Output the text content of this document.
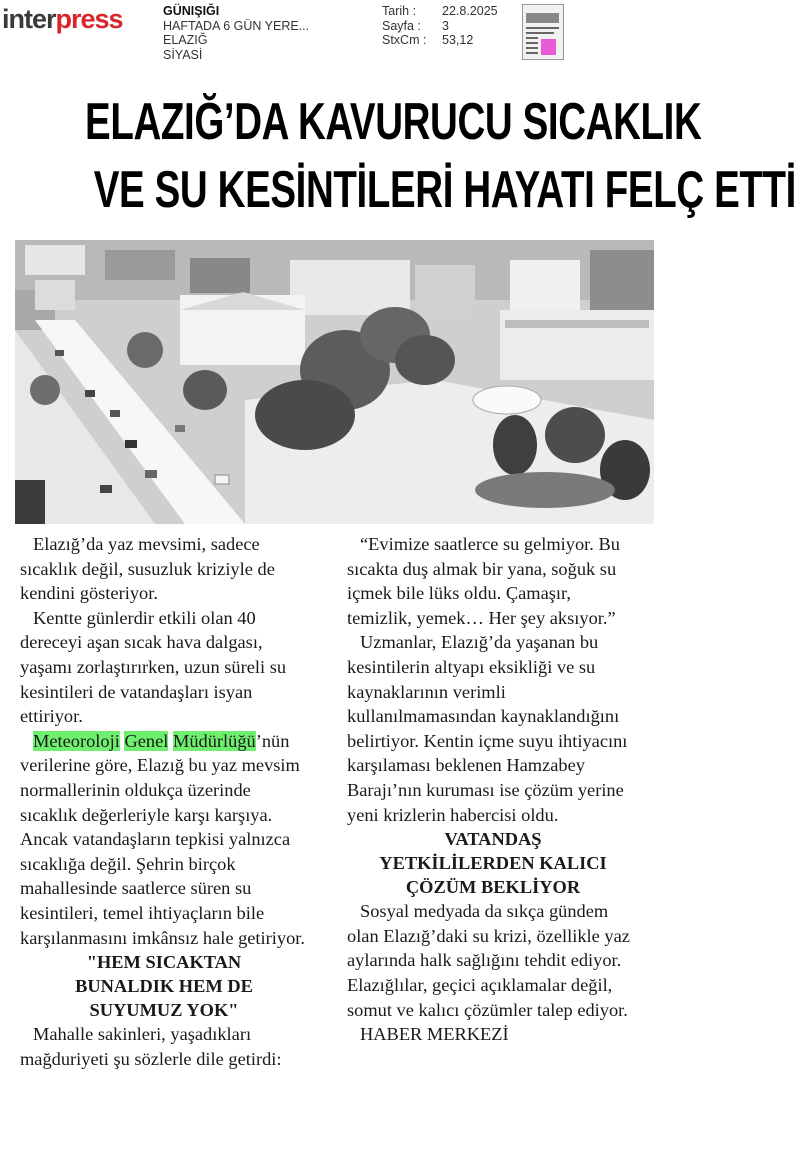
interpress	GÜNIŞIĞI
HAFTADA 6 GÜN YERE...
ELAZIĞ
SİYASİ
Tarih :	22.8.2025
Sayfa :	3
StxCm :	53,12
ELAZIĞ’DA KAVURUCU SICAKLIK
VE SU KESİNTİLERİ HAYATI FELÇ ETTİ

Elazığ’da yaz mevsimi, sadece sıcaklık değil, susuzluk kriziyle de kendini gösteriyor.

Kentte günlerdir etkili olan 40 dereceyi aşan sıcak hava dalgası, yaşamı zorlaştırırken, uzun süreli su kesintileri de vatandaşları isyan ettiriyor.

Meteoroloji Genel Müdürlüğü’nün verilerine göre, Elazığ bu yaz mevsim normallerinin oldukça üzerinde sıcaklık değerleriyle karşı karşıya. Ancak vatandaşların tepkisi yalnızca sıcaklığa değil. Şehrin birçok mahallesinde saatlerce süren su kesintileri, temel ihtiyaçların bile karşılanmasını imkânsız hale getiriyor.

"HEM SICAKTAN
BUNALDIK HEM DE
SUYUMUZ YOK"

Mahalle sakinleri, yaşadıkları mağduriyeti şu sözlerle dile getirdi:

“Evimize saatlerce su gelmiyor. Bu sıcakta duş almak bir yana, soğuk su içmek bile lüks oldu. Çamaşır, temizlik, yemek… Her şey aksıyor.”

Uzmanlar, Elazığ’da yaşanan bu kesintilerin altyapı eksikliği ve su kaynaklarının verimli kullanılmamasından kaynaklandığını belirtiyor. Kentin içme suyu ihtiyacını karşılaması beklenen Hamzabey Barajı’nın kuruması ise çözüm yerine yeni krizlerin habercisi oldu.

VATANDAŞ
YETKİLİLERDEN KALICI
ÇÖZÜM BEKLİYOR

Sosyal medyada da sıkça gündem olan Elazığ’daki su krizi, özellikle yaz aylarında halk sağlığını tehdit ediyor. Elazığlılar, geçici açıklamalar değil, somut ve kalıcı çözümler talep ediyor.

HABER MERKEZİ
